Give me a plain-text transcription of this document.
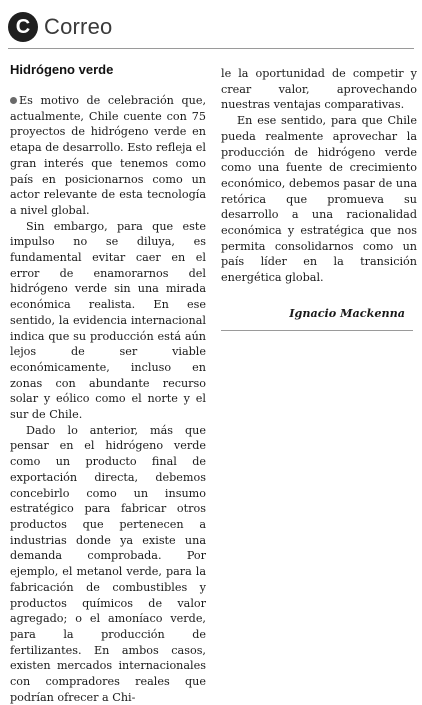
C Correo
Hidrógeno verde

Es motivo de celebración que, actualmente, Chile cuente con 75 proyectos de hidrógeno verde en etapa de desarrollo. Esto refleja el gran interés que tenemos como país en posicionarnos como un actor relevante de esta tecnología a nivel global.

Sin embargo, para que este impulso no se diluya, es fundamental evitar caer en el error de enamorarnos del hidrógeno verde sin una mirada económica realista. En ese sentido, la evidencia internacional indica que su producción está aún lejos de ser viable económicamente, incluso en zonas con abundante recurso solar y eólico como el norte y el sur de Chile.

Dado lo anterior, más que pensar en el hidrógeno verde como un producto final de exportación directa, debemos concebirlo como un insumo estratégico para fabricar otros productos que pertenecen a industrias donde ya existe una demanda comprobada. Por ejemplo, el metanol verde, para la fabricación de combustibles y productos químicos de valor agregado; o el amoníaco verde, para la producción de fertilizantes. En ambos casos, existen mercados internacionales con compradores reales que podrían ofrecer a Chi-

le la oportunidad de competir y crear valor, aprovechando nuestras ventajas comparativas.

En ese sentido, para que Chile pueda realmente aprovechar la producción de hidrógeno verde como una fuente de crecimiento económico, debemos pasar de una retórica que promueva su desarrollo a una racionalidad económica y estratégica que nos permita consolidarnos como un país líder en la transición energética global.

Ignacio Mackenna
